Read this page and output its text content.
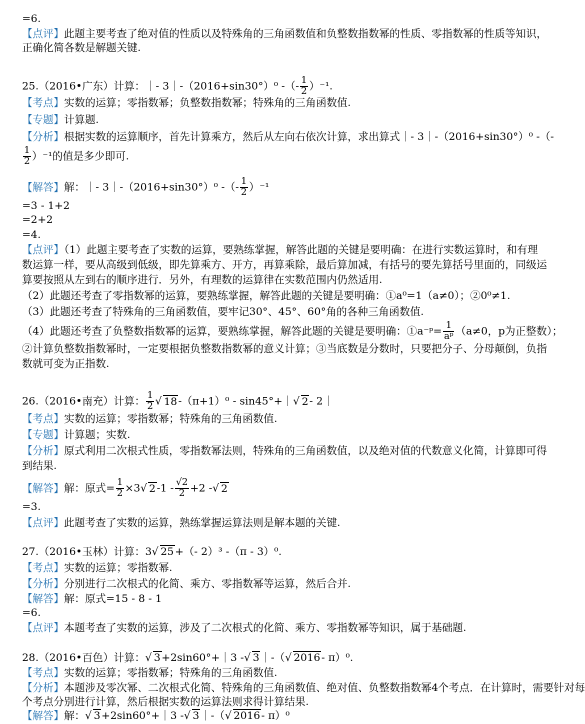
=6.
【 点评 】 此题主要考查了绝对值的性质以及特殊角的三角函数值和负整数指数幂的性质、零指数幂的性质等知识，
正确化简各数是解题关键.
25.（2016•广东）计算：｜- 3｜-（2016+sin30°）⁰ -（- $\frac{1}{2} )^{-1}$.
【 考点 】 实数的运算；零指数幂；负整数指数幂；特殊角的三角函数值.
【 专题 】 计算题.
【 分析 】 根据实数的运算顺序，首先计算乘方，然后从左向右依次计算，求出算式｜- 3｜-（2016+sin30°）⁰ -（-
$\frac{1}{2} )^{-1}$的值是多少即可.
【 解答 】 解：｜- 3｜-（2016+sin30°）⁰ -（- $\frac{1}{2} )^{-1}$
=3 - 1+2
=2+2
=4.
【 点评 】 （1）此题主要考查了实数的运算，要熟练掌握，解答此题的关键是要明确：在进行实数运算时，和有理
数运算一样，要从高级到低级，即先算乘方、开方，再算乘除，最后算加减，有括号的要先算括号里面的，同级运
算要按照从左到右的顺序进行．另外，有理数的运算律在实数范围内仍然适用.
（2）此题还考查了零指数幂的运算，要熟练掌握，解答此题的关键是要明确：①a⁰=1（a≠0）；②0⁰≠1.
（3）此题还考查了特殊角的三角函数值，要牢记30°、45°、60°角的各种三角函数值.
（4）此题还考查了负整数指数幂的运算，要熟练掌握，解答此题的关键是要明确：①a⁻ᵖ= $\frac{1}{\text{aᵖ}} (a\ne 0$，p为正整数）；
②计算负整数指数幂时，一定要根据负整数指数幂的意义计算；③当底数是分数时，只要把分子、分母颠倒，负指
数就可变为正指数.
26.（2016•南充）计算： $\frac{1}{2}$ √ 18-（π+1）⁰ - sin45°+｜√ 2- 2｜
【 考点 】 实数的运算；零指数幂；特殊角的三角函数值.
【 专题 】 计算题；实数.
【 分析 】 原式利用二次根式性质，零指数幂法则，特殊角的三角函数值，以及绝对值的代数意义化简，计算即可得
到结果.
【 解答 】 解：原式= $\frac{1}{2} \times 3√$ $2-1 - \frac{√2}{2} +2$ -√ 2
=3.
【 点评 】 此题考查了实数的运算，熟练掌握运算法则是解本题的关键.
27.（2016•玉林）计算：3√ 25+（- 2）³ -（π - 3）⁰.
【 考点 】 实数的运算；零指数幂.
【 分析 】 分别进行二次根式的化简、乘方、零指数幂等运算，然后合并.
【 解答 】 解：原式=15 - 8 - 1
=6.
【 点评 】 本题考查了实数的运算，涉及了二次根式的化简、乘方、零指数幂等知识，属于基础题.
28.（2016•百色）计算：√ 3+2sin60°+｜3 -√ 3｜-（√ 2016- π）⁰.
【 考点 】 实数的运算；零指数幂；特殊角的三角函数值.
【 分析 】 本题涉及零次幂、二次根式化简、特殊角的三角函数值、绝对值、负整数指数幂4个考点．在计算时，需要针对每
个考点分别进行计算，然后根据实数的运算法则求得计算结果.
【 解答 】 解：√ 3+2sin60°+｜3 -√ 3｜-（√ 2016- π）⁰
